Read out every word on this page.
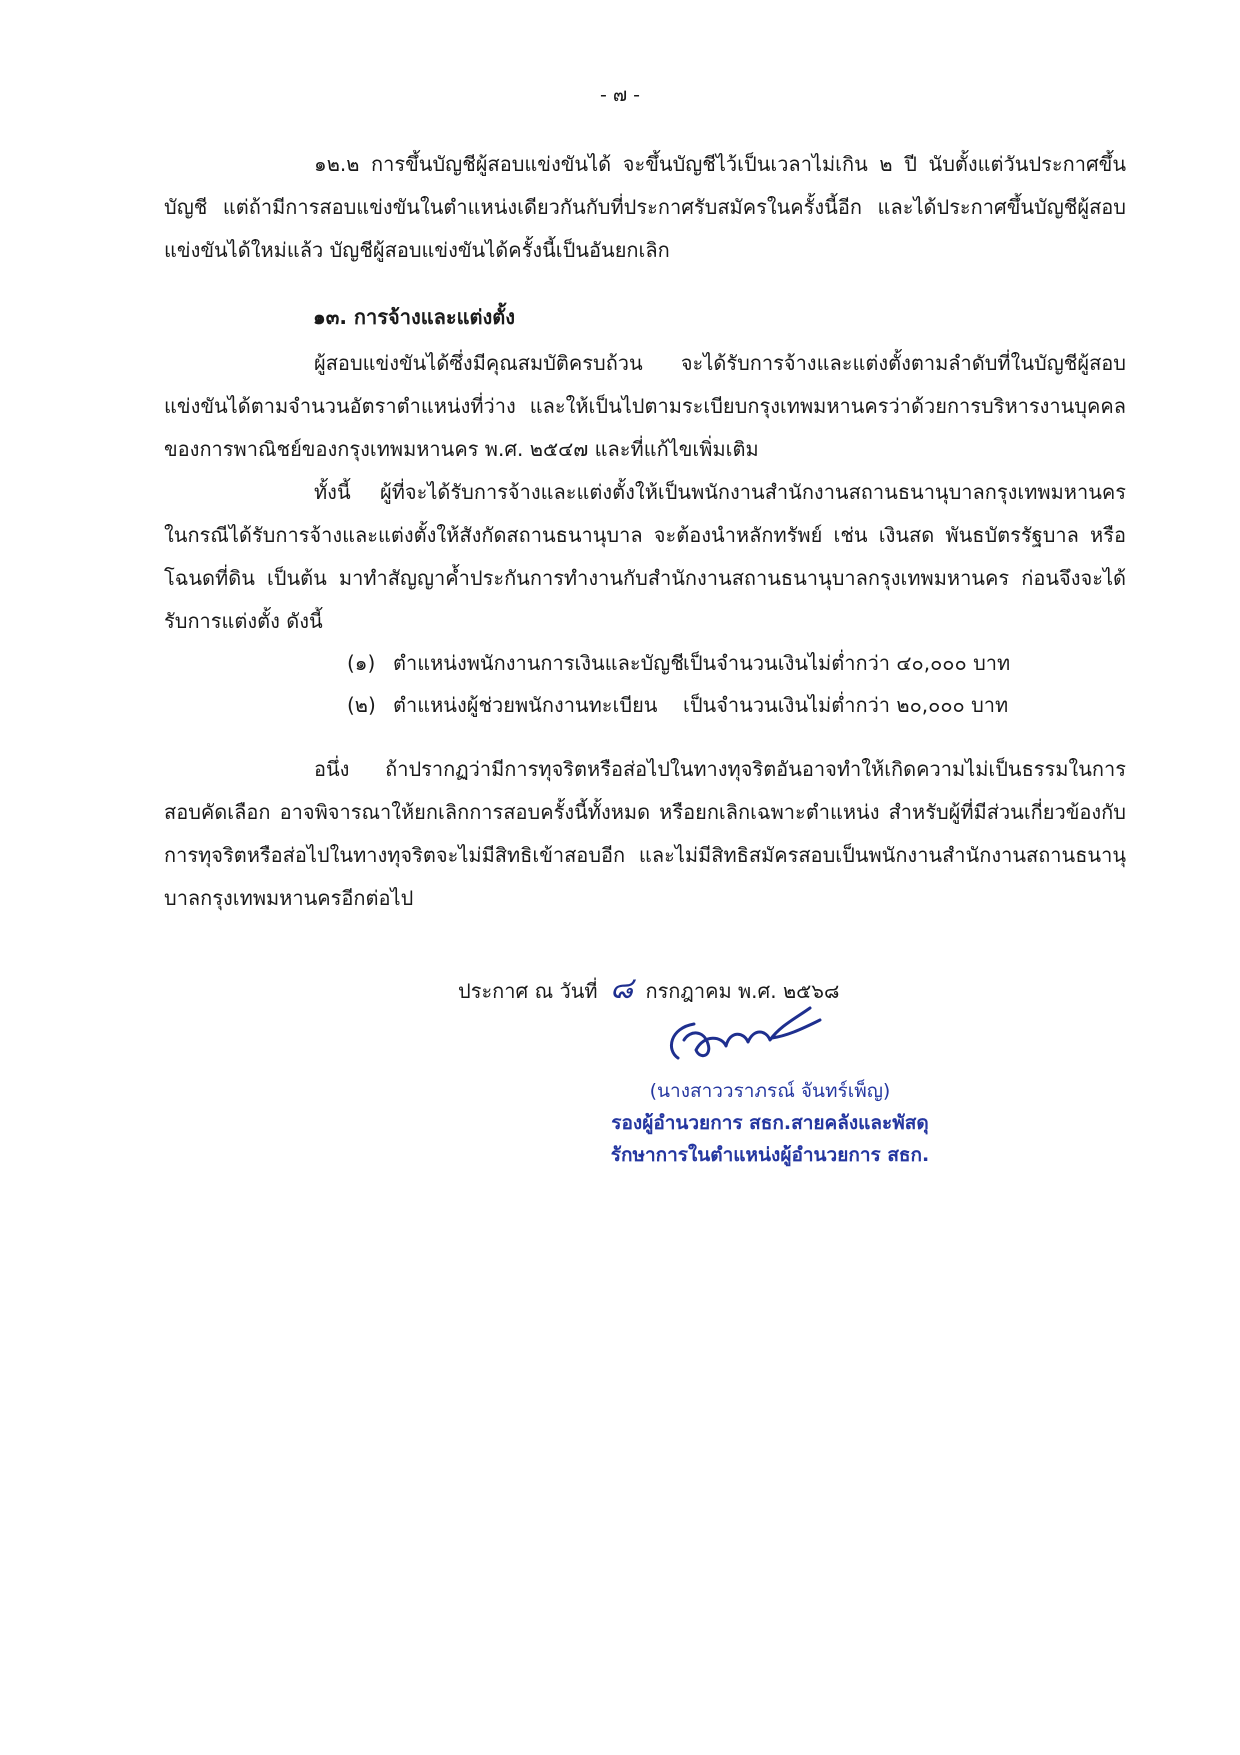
- ๗ -

๑๒.๒ การขึ้นบัญชีผู้สอบแข่งขันได้ จะขึ้นบัญชีไว้เป็นเวลาไม่เกิน ๒ ปี นับตั้งแต่วันประกาศขึ้นบัญชี แต่ถ้ามีการสอบแข่งขันในตำแหน่งเดียวกันกับที่ประกาศรับสมัครในครั้งนี้อีก และได้ประกาศขึ้นบัญชีผู้สอบแข่งขันได้ใหม่แล้ว บัญชีผู้สอบแข่งขันได้ครั้งนี้เป็นอันยกเลิก

๑๓. การจ้างและแต่งตั้ง

ผู้สอบแข่งขันได้ซึ่งมีคุณสมบัติครบถ้วน จะได้รับการจ้างและแต่งตั้งตามลำดับที่ในบัญชีผู้สอบแข่งขันได้ตามจำนวนอัตราตำแหน่งที่ว่าง และให้เป็นไปตามระเบียบกรุงเทพมหานครว่าด้วยการบริหารงานบุคคลของการพาณิชย์ของกรุงเทพมหานคร พ.ศ. ๒๕๔๗ และที่แก้ไขเพิ่มเติม

ทั้งนี้ ผู้ที่จะได้รับการจ้างและแต่งตั้งให้เป็นพนักงานสำนักงานสถานธนานุบาลกรุงเทพมหานคร ในกรณีได้รับการจ้างและแต่งตั้งให้สังกัดสถานธนานุบาล จะต้องนำหลักทรัพย์ เช่น เงินสด พันธบัตรรัฐบาล หรือโฉนดที่ดิน เป็นต้น มาทำสัญญาค้ำประกันการทำงานกับสำนักงานสถานธนานุบาลกรุงเทพมหานคร ก่อนจึงจะได้รับการแต่งตั้ง ดังนี้

(๑) ตำแหน่งพนักงานการเงินและบัญชีเป็นจำนวนเงินไม่ต่ำกว่า ๔๐,๐๐๐ บาท
(๒) ตำแหน่งผู้ช่วยพนักงานทะเบียน เป็นจำนวนเงินไม่ต่ำกว่า ๒๐,๐๐๐ บาท

อนึ่ง ถ้าปรากฏว่ามีการทุจริตหรือส่อไปในทางทุจริตอันอาจทำให้เกิดความไม่เป็นธรรมในการสอบคัดเลือก อาจพิจารณาให้ยกเลิกการสอบครั้งนี้ทั้งหมด หรือยกเลิกเฉพาะตำแหน่ง สำหรับผู้ที่มีส่วนเกี่ยวข้องกับการทุจริตหรือส่อไปในทางทุจริตจะไม่มีสิทธิเข้าสอบอีก และไม่มีสิทธิสมัครสอบเป็นพนักงานสำนักงานสถานธนานุบาลกรุงเทพมหานครอีกต่อไป

ประกาศ ณ วันที่ ๘ กรกฎาคม พ.ศ. ๒๕๖๘
(นางสาววราภรณ์ จันทร์เพ็ญ)
รองผู้อำนวยการ สธก.สายคลังและพัสดุ
รักษาการในตำแหน่งผู้อำนวยการ สธก.
